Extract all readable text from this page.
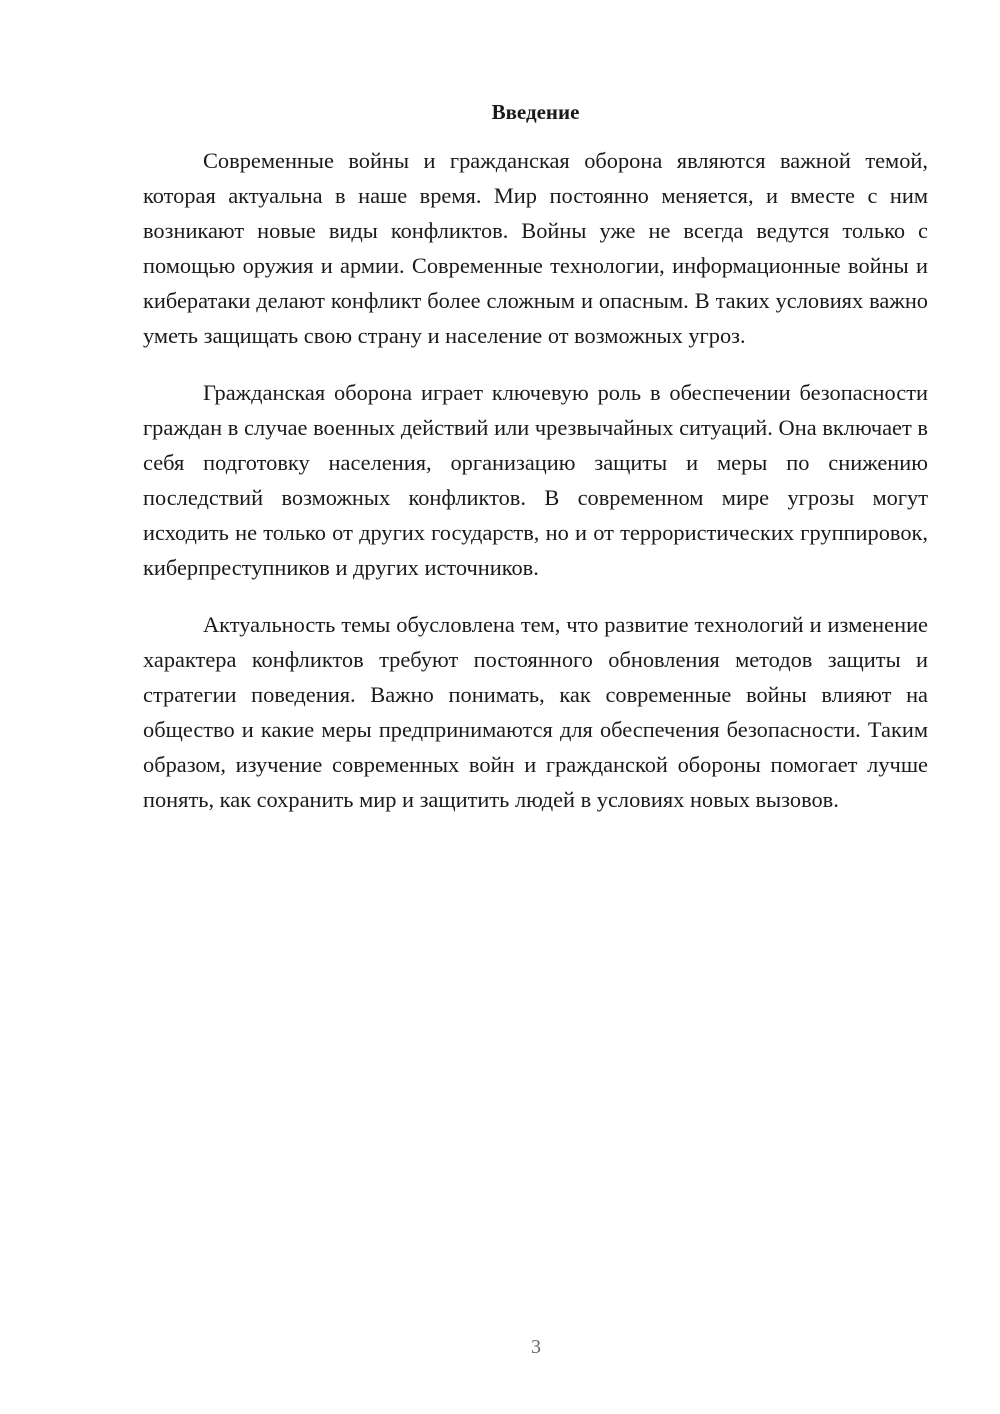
Введение

Современные войны и гражданская оборона являются важной темой, которая актуальна в наше время. Мир постоянно меняется, и вместе с ним возникают новые виды конфликтов. Войны уже не всегда ведутся только с помощью оружия и армии. Современные технологии, информационные войны и кибератаки делают конфликт более сложным и опасным. В таких условиях важно уметь защищать свою страну и население от возможных угроз.

Гражданская оборона играет ключевую роль в обеспечении безопасности граждан в случае военных действий или чрезвычайных ситуаций. Она включает в себя подготовку населения, организацию защиты и меры по снижению последствий возможных конфликтов. В современном мире угрозы могут исходить не только от других государств, но и от террористических группировок, киберпреступников и других источников.

Актуальность темы обусловлена тем, что развитие технологий и изменение характера конфликтов требуют постоянного обновления методов защиты и стратегии поведения. Важно понимать, как современные войны влияют на общество и какие меры предпринимаются для обеспечения безопасности. Таким образом, изучение современных войн и гражданской обороны помогает лучше понять, как сохранить мир и защитить людей в условиях новых вызовов.

3
